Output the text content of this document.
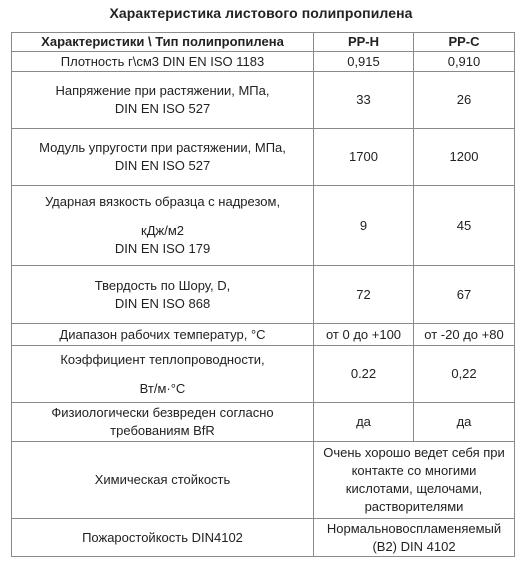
Характеристика листового полипропилена
Характеристики \ Тип полипропилена	PP-H	PP-C

Плотность г\см3 DIN EN ISO 1183	0,915	0,910

Напряжение при растяжении, МПа,
DIN EN ISO 527	33	26

Модуль упругости при растяжении, МПа,
DIN EN ISO 527	1700	1200

Ударная вязкость образца с надрезом,
кДж/м2
DIN EN ISO 179	9	45

Твердость по Шору, D,
DIN EN ISO 868	72	67

Диапазон рабочих температур, °С	от 0 до +100	от -20 до +80

Коэффициент теплопроводности,
Вт/м·°С	0.22	0,22

Физиологически безвреден согласно
требованиям BfR	да	да

Химическая стойкость	Очень хорошо ведет себя при
контакте со многими
кислотами, щелочами,
растворителями	

Пожаростойкость DIN4102	Нормальновоспламеняемый
(B2) DIN 4102	
